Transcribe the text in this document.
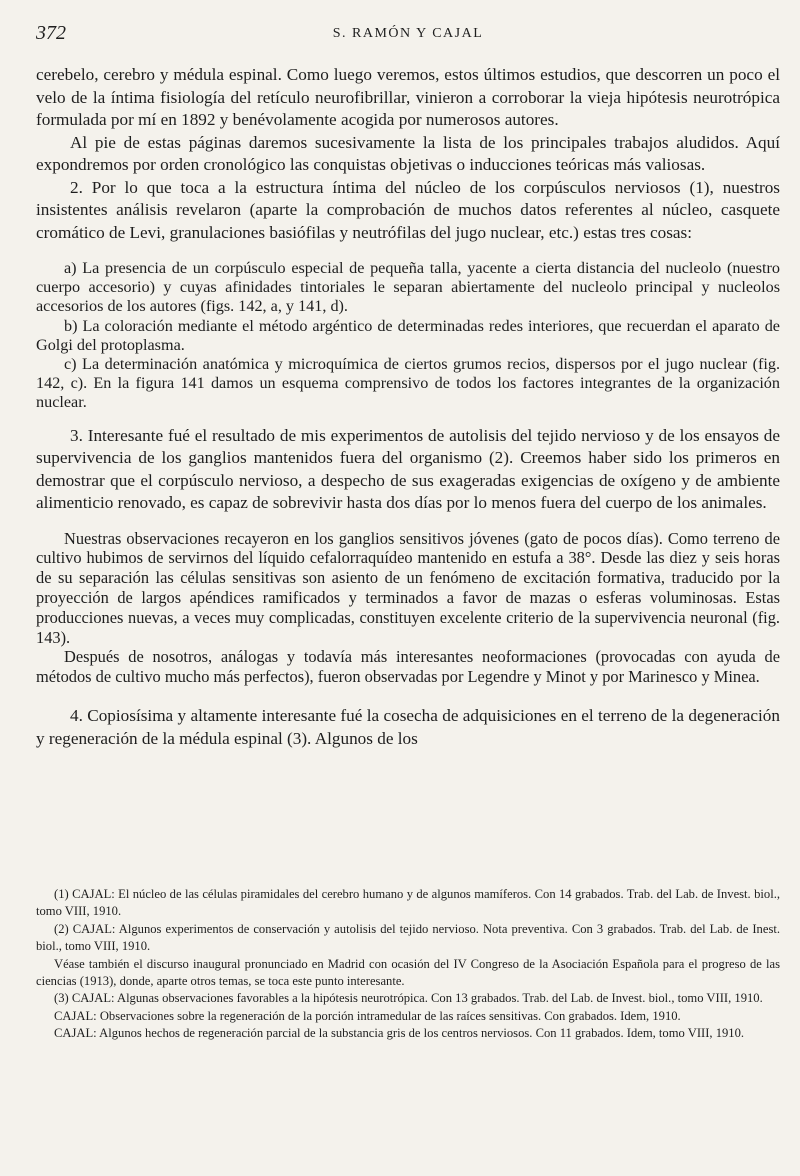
372	S. RAMÓN Y CAJAL

cerebelo, cerebro y médula espinal. Como luego veremos, estos últimos estudios, que descorren un poco el velo de la íntima fisiología del retículo neurofibrillar, vinieron a corroborar la vieja hipótesis neurotrópica formulada por mí en 1892 y benévolamente acogida por numerosos autores.

Al pie de estas páginas daremos sucesivamente la lista de los principales trabajos aludidos. Aquí expondremos por orden cronológico las conquistas objetivas o inducciones teóricas más valiosas.

2. Por lo que toca a la estructura íntima del núcleo de los corpúsculos nerviosos (1), nuestros insistentes análisis revelaron (aparte la comprobación de muchos datos referentes al núcleo, casquete cromático de Levi, granulaciones basiófilas y neutrófilas del jugo nuclear, etc.) estas tres cosas:

a) La presencia de un corpúsculo especial de pequeña talla, yacente a cierta distancia del nucleolo (nuestro cuerpo accesorio) y cuyas afinidades tintoriales le separan abiertamente del nucleolo principal y nucleolos accesorios de los autores (figs. 142, a, y 141, d).

b) La coloración mediante el método argéntico de determinadas redes interiores, que recuerdan el aparato de Golgi del protoplasma.

c) La determinación anatómica y microquímica de ciertos grumos recios, dispersos por el jugo nuclear (fig. 142, c). En la figura 141 damos un esquema comprensivo de todos los factores integrantes de la organización nuclear.

3. Interesante fué el resultado de mis experimentos de autolisis del tejido nervioso y de los ensayos de supervivencia de los ganglios mantenidos fuera del organismo (2). Creemos haber sido los primeros en demostrar que el corpúsculo nervioso, a despecho de sus exageradas exigencias de oxígeno y de ambiente alimenticio renovado, es capaz de sobrevivir hasta dos días por lo menos fuera del cuerpo de los animales.

Nuestras observaciones recayeron en los ganglios sensitivos jóvenes (gato de pocos días). Como terreno de cultivo hubimos de servirnos del líquido cefalorraquídeo mantenido en estufa a 38°. Desde las diez y seis horas de su separación las células sensitivas son asiento de un fenómeno de excitación formativa, traducido por la proyección de largos apéndices ramificados y terminados a favor de mazas o esferas voluminosas. Estas producciones nuevas, a veces muy complicadas, constituyen excelente criterio de la supervivencia neuronal (fig. 143).

Después de nosotros, análogas y todavía más interesantes neoformaciones (provocadas con ayuda de métodos de cultivo mucho más perfectos), fueron observadas por Legendre y Minot y por Marinesco y Minea.

4. Copiosísima y altamente interesante fué la cosecha de adquisiciones en el terreno de la degeneración y regeneración de la médula espinal (3). Algunos de los

(1) CAJAL: El núcleo de las células piramidales del cerebro humano y de algunos mamíferos. Con 14 grabados. Trab. del Lab. de Invest. biol., tomo VIII, 1910.

(2) CAJAL: Algunos experimentos de conservación y autolisis del tejido nervioso. Nota preventiva. Con 3 grabados. Trab. del Lab. de Inest. biol., tomo VIII, 1910.

Véase también el discurso inaugural pronunciado en Madrid con ocasión del IV Congreso de la Asociación Española para el progreso de las ciencias (1913), donde, aparte otros temas, se toca este punto interesante.

(3) CAJAL: Algunas observaciones favorables a la hipótesis neurotrópica. Con 13 grabados. Trab. del Lab. de Invest. biol., tomo VIII, 1910.

CAJAL: Observaciones sobre la regeneración de la porción intramedular de las raíces sensitivas. Con grabados. Idem, 1910.

CAJAL: Algunos hechos de regeneración parcial de la substancia gris de los centros nerviosos. Con 11 grabados. Idem, tomo VIII, 1910.
